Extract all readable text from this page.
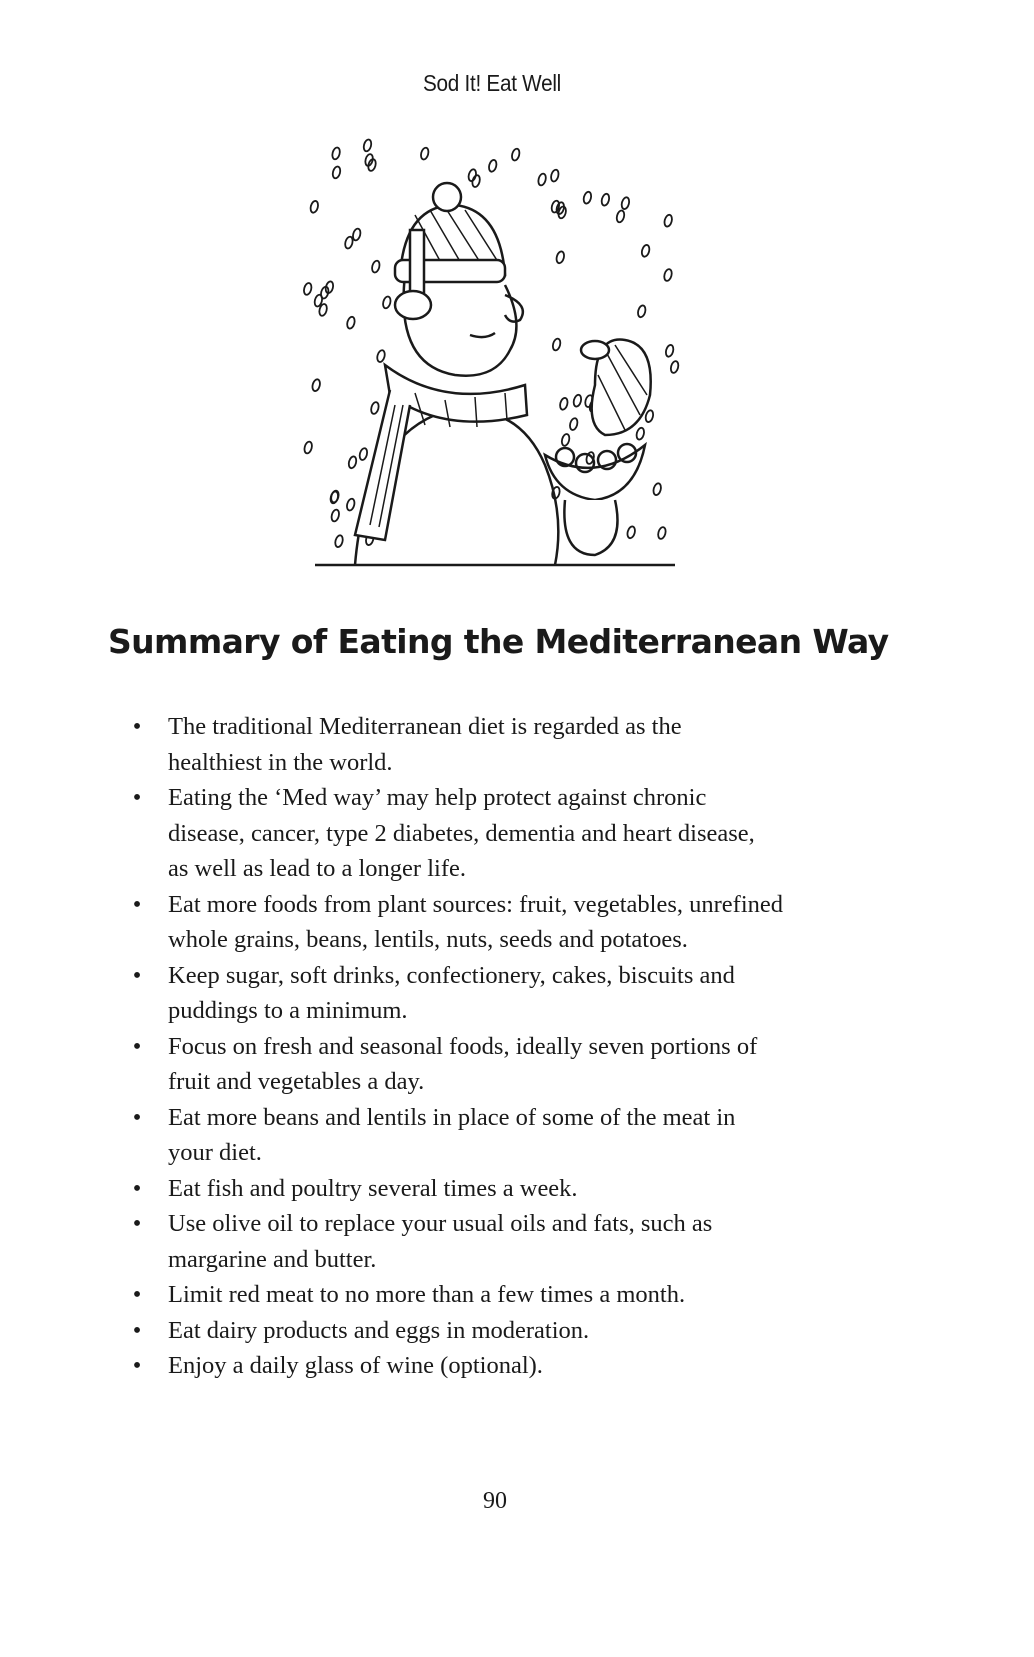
Sod It! Eat Well
Summary of Eating the Mediterranean Way
• The traditional Mediterranean diet is regarded as the
healthiest in the world.
• Eating the ‘Med way’ may help protect against chronic
disease, cancer, type 2 diabetes, dementia and heart disease,
as well as lead to a longer life.
• Eat more foods from plant sources: fruit, vegetables, unrefined
whole grains, beans, lentils, nuts, seeds and potatoes.
• Keep sugar, soft drinks, confectionery, cakes, biscuits and
puddings to a minimum.
• Focus on fresh and seasonal foods, ideally seven portions of
fruit and vegetables a day.
• Eat more beans and lentils in place of some of the meat in
your diet.
• Eat fish and poultry several times a week.
• Use olive oil to replace your usual oils and fats, such as
margarine and butter.
• Limit red meat to no more than a few times a month.
• Eat dairy products and eggs in moderation.
• Enjoy a daily glass of wine (optional).
90
